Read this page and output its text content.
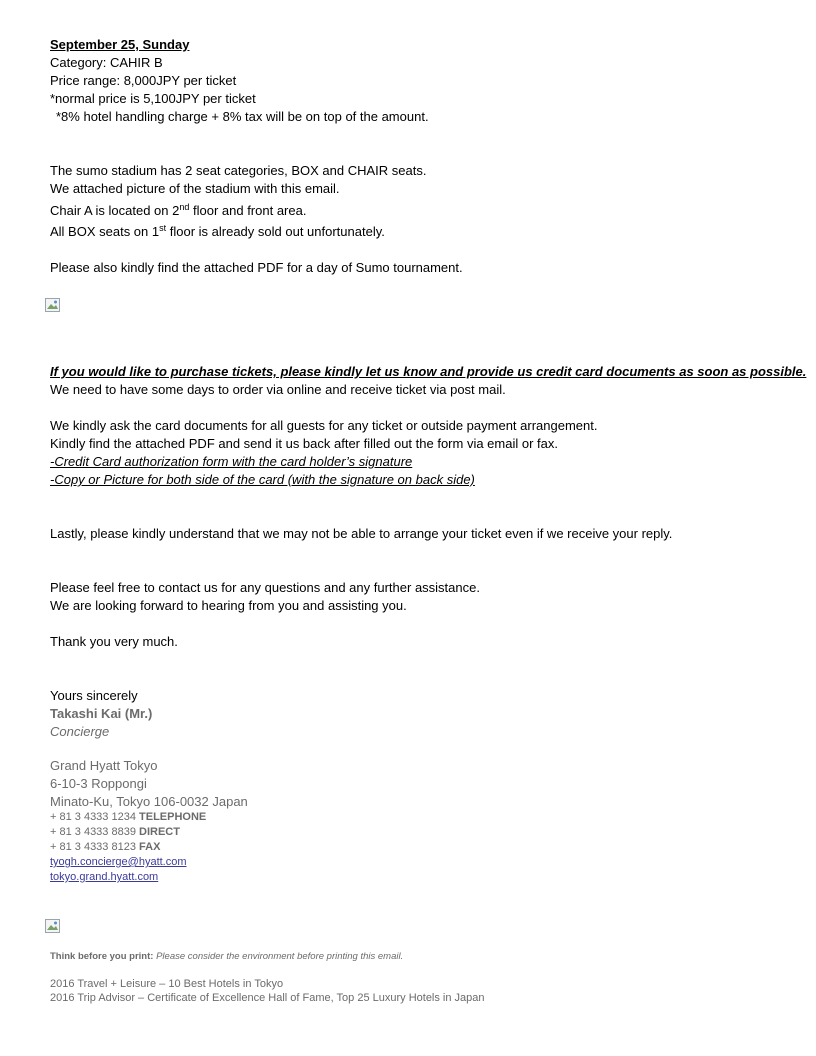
September 25, Sunday
Category: CAHIR B
Price range: 8,000JPY per ticket
*normal price is 5,100JPY per ticket
*8% hotel handling charge + 8% tax will be on top of the amount.
The sumo stadium has 2 seat categories, BOX and CHAIR seats.
We attached picture of the stadium with this email.
Chair A is located on 2nd floor and front area.
All BOX seats on 1st floor is already sold out unfortunately.
Please also kindly find the attached PDF for a day of Sumo tournament.
If you would like to purchase tickets, please kindly let us know and provide us credit card documents as soon as possible.
We need to have some days to order via online and receive ticket via post mail.
We kindly ask the card documents for all guests for any ticket or outside payment arrangement.
Kindly find the attached PDF and send it us back after filled out the form via email or fax.
-Credit Card authorization form with the card holder’s signature
-Copy or Picture for both side of the card (with the signature on back side)
Lastly, please kindly understand that we may not be able to arrange your ticket even if we receive your reply.
Please feel free to contact us for any questions and any further assistance.
We are looking forward to hearing from you and assisting you.
Thank you very much.
Yours sincerely
Takashi Kai (Mr.)
Concierge
Grand Hyatt Tokyo
6-10-3 Roppongi
Minato-Ku, Tokyo 106-0032 Japan
+ 81 3 4333 1234 TELEPHONE
+ 81 3 4333 8839 DIRECT
+ 81 3 4333 8123 FAX
tyogh.concierge@hyatt.com
tokyo.grand.hyatt.com
Think before you print: Please consider the environment before printing this email.
2016 Travel + Leisure – 10 Best Hotels in Tokyo
2016 Trip Advisor – Certificate of Excellence Hall of Fame, Top 25 Luxury Hotels in Japan
